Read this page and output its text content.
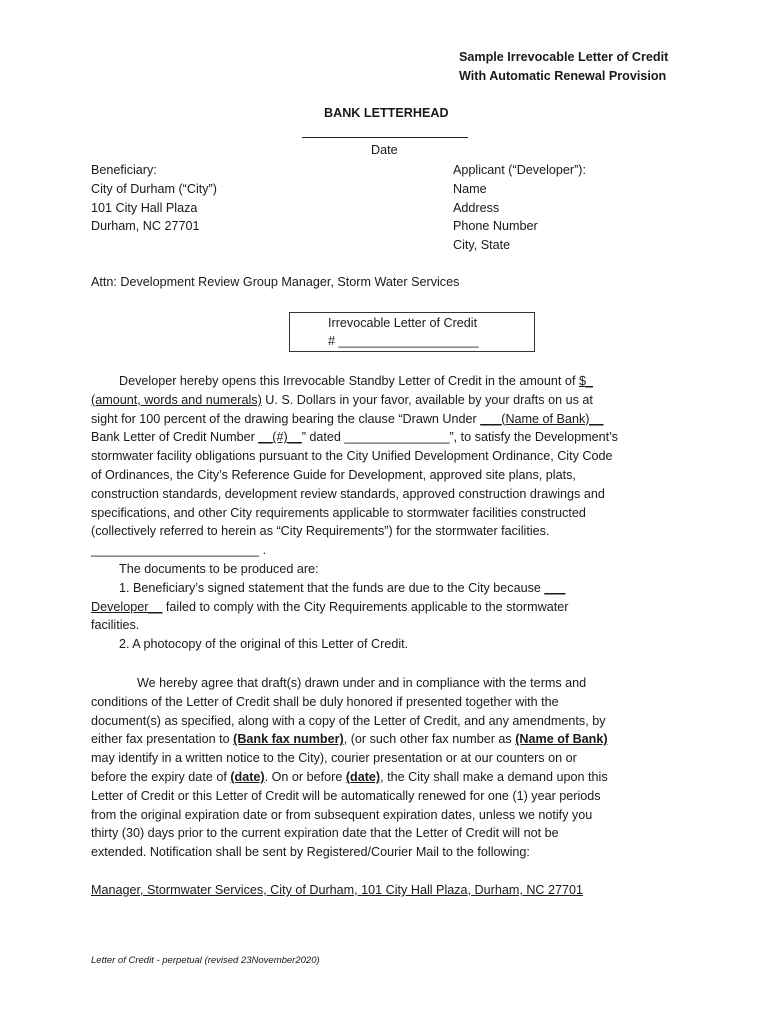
Sample Irrevocable Letter of Credit
With Automatic Renewal Provision
BANK LETTERHEAD
Date
Beneficiary:
City of Durham (“City”)
101 City Hall Plaza
Durham, NC 27701
Applicant (“Developer”):
Name
Address
Phone Number
City, State
Attn: Development Review Group Manager, Storm Water Services
Irrevocable Letter of Credit
# ____________________
Developer hereby opens this Irrevocable Standby Letter of Credit in the amount of $_
(amount, words and numerals) U. S. Dollars in your favor, available by your drafts on us at
sight for 100 percent of the drawing bearing the clause “Drawn Under ___(Name of Bank)__
Bank Letter of Credit Number __(#)__” dated _______________”, to satisfy the Development’s
stormwater facility obligations pursuant to the City Unified Development Ordinance, City Code
of Ordinances, the City’s Reference Guide for Development, approved site plans, plats,
construction standards, development review standards, approved construction drawings and
specifications, and other City requirements applicable to stormwater facilities constructed
(collectively referred to herein as “City Requirements”) for the stormwater facilities.
________________________ .
The documents to be produced are:
1. Beneficiary’s signed statement that the funds are due to the City because ___
Developer__ failed to comply with the City Requirements applicable to the stormwater
facilities.
2. A photocopy of the original of this Letter of Credit.
We hereby agree that draft(s) drawn under and in compliance with the terms and
conditions of the Letter of Credit shall be duly honored if presented together with the
document(s) as specified, along with a copy of the Letter of Credit, and any amendments, by
either fax presentation to (Bank fax number), (or such other fax number as (Name of Bank)
may identify in a written notice to the City), courier presentation or at our counters on or
before the expiry date of (date). On or before (date), the City shall make a demand upon this
Letter of Credit or this Letter of Credit will be automatically renewed for one (1) year periods
from the original expiration date or from subsequent expiration dates, unless we notify you
thirty (30) days prior to the current expiration date that the Letter of Credit will not be
extended. Notification shall be sent by Registered/Courier Mail to the following:
Manager, Stormwater Services, City of Durham, 101 City Hall Plaza, Durham, NC 27701
Letter of Credit - perpetual (revised 23November2020)
